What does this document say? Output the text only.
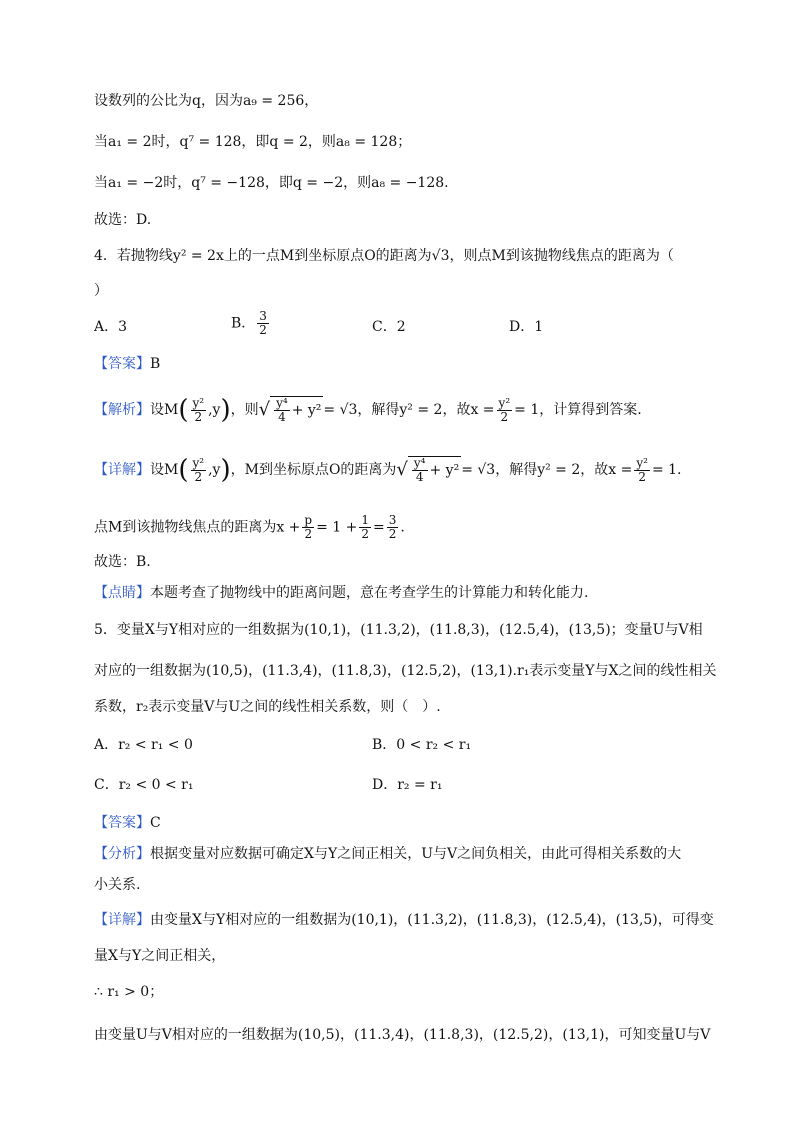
设数列的公比为q，因为a₉ = 256，
当a₁ = 2时，q⁷ = 128，即q = 2，则a₈ = 128；
当a₁ = −2时，q⁷ = −128，即q = −2，则a₈ = −128.
故选：D.
4．若抛物线y² = 2x上的一点M到坐标原点O的距离为√3，则点M到该抛物线焦点的距离为（
）
A．3	B． $\frac{3}{2}$	C．2	D．1
【答案】B
【解析】设$M( \frac{\text{y²}}{2} ,y)$，则√ $\frac{\text{y⁴}}{4} + y^2 = √3$，解得y² = 2，故$x = \frac{\text{y²}}{2} = 1$，计算得到答案.
【详解】设$M( \frac{\text{y²}}{2} ,y)$，M到坐标原点O的距离为√ $\frac{\text{y⁴}}{4} + y^2 = √3$，解得y² = 2，故$x = \frac{\text{y²}}{2} = 1$.
点M到该抛物线焦点的距离为$x + \frac{p}{2} = 1 + \frac{1}{2} = \frac{3}{2}$ .
故选：B.
【点睛】本题考查了抛物线中的距离问题，意在考查学生的计算能力和转化能力.
5．变量X与Y相对应的一组数据为(10,1)，(11.3,2)，(11.8,3)，(12.5,4)，(13,5)；变量U与V相
对应的一组数据为(10,5)，(11.3,4)，(11.8,3)，(12.5,2)，(13,1).r₁表示变量Y与X之间的线性相关
系数，r₂表示变量V与U之间的线性相关系数，则（　）.
A．r₂ < r₁ < 0	B．0 < r₂ < r₁
C．r₂ < 0 < r₁	D．r₂ = r₁
【答案】C
【分析】根据变量对应数据可确定X与Y之间正相关，U与V之间负相关，由此可得相关系数的大
小关系.
【详解】由变量X与Y相对应的一组数据为(10,1)，(11.3,2)，(11.8,3)，(12.5,4)，(13,5)，可得变
量X与Y之间正相关，
∴ r₁ > 0；
由变量U与V相对应的一组数据为(10,5)，(11.3,4)，(11.8,3)，(12.5,2)，(13,1)，可知变量U与V
